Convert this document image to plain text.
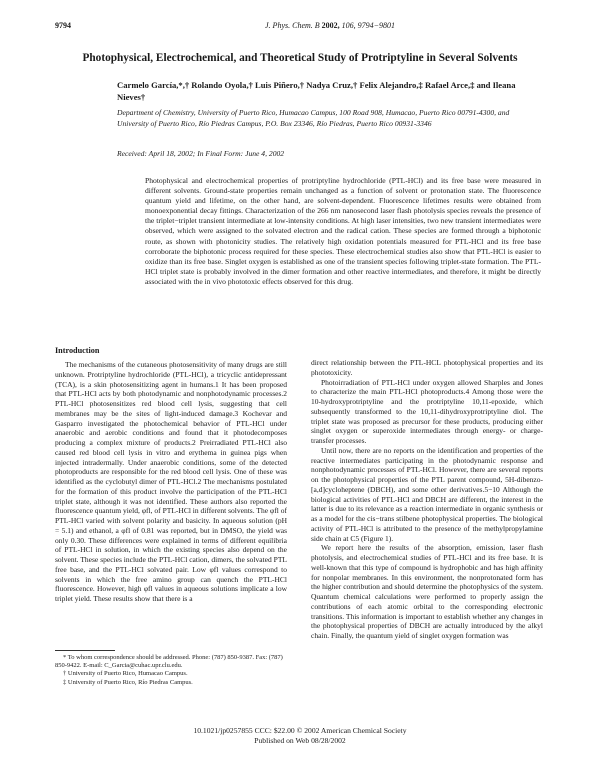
9794	J. Phys. Chem. B 2002, 106, 9794−9801
Photophysical, Electrochemical, and Theoretical Study of Protriptyline in Several Solvents

Carmelo García,*,† Rolando Oyola,† Luis Piñero,† Nadya Cruz,† Felix Alejandro,‡ Rafael Arce,‡ and Ileana Nieves†

Department of Chemistry, University of Puerto Rico, Humacao Campus, 100 Road 908, Humacao, Puerto Rico 00791-4300, and University of Puerto Rico, Río Piedras Campus, P.O. Box 23346, Río Piedras, Puerto Rico 00931-3346

Received: April 18, 2002; In Final Form: June 4, 2002

Photophysical and electrochemical properties of protriptyline hydrochloride (PTL-HCl) and its free base were measured in different solvents. Ground-state properties remain unchanged as a function of solvent or protonation state. The fluorescence quantum yield and lifetime, on the other hand, are solvent-dependent. Fluorescence lifetimes results were obtained from monoexponential decay fittings. Characterization of the 266 nm nanosecond laser flash photolysis species reveals the presence of the triplet−triplet transient intermediate at low-intensity conditions. At high laser intensities, two new transient intermediates were observed, which were assigned to the solvated electron and the radical cation. These species are formed through a biphotonic route, as shown with photonicity studies. The relatively high oxidation potentials measured for PTL-HCl and its free base corroborate the biphotonic process required for these species. These electrochemical studies also show that PTL-HCl is easier to oxidize than its free base. Singlet oxygen is established as one of the transient species following triplet-state formation. The PTL-HCl triplet state is probably involved in the dimer formation and other reactive intermediates, and therefore, it might be directly associated with the in vivo phototoxic effects observed for this drug.

Introduction

The mechanisms of the cutaneous photosensitivity of many drugs are still unknown. Protriptyline hydrochloride (PTL-HCl), a tricyclic antidepressant (TCA), is a skin photosensitizing agent in humans.1 It has been proposed that PTL-HCl acts by both photodynamic and nonphotodynamic processes.2 PTL-HCl photosensitizes red blood cell lysis, suggesting that cell membranes may be the sites of light-induced damage.3 Kochevar and Gasparro investigated the photochemical behavior of PTL-HCl under anaerobic and aerobic conditions and found that it photodecomposes producing a complex mixture of products.2 Preirradiated PTL-HCl also caused red blood cell lysis in vitro and erythema in guinea pigs when injected intradermally. Under anaerobic conditions, some of the detected photoproducts are responsible for the red blood cell lysis. One of these was identified as the cyclobutyl dimer of PTL-HCl.2 The mechanisms postulated for the formation of this product involve the participation of the PTL-HCl triplet state, although it was not identified. These authors also reported the fluorescence quantum yield, φfl, of PTL-HCl in different solvents. The φfl of PTL-HCl varied with solvent polarity and basicity. In aqueous solution (pH = 5.1) and ethanol, a φfl of 0.81 was reported, but in DMSO, the yield was only 0.30. These differences were explained in terms of different equilibria of PTL-HCl in solution, in which the existing species also depend on the solvent. These species include the PTL-HCl cation, dimers, the solvated PTL free base, and the PTL-HCl solvated pair. Low φfl values correspond to solvents in which the free amino group can quench the PTL-HCl fluorescence. However, high φfl values in aqueous solutions implicate a low triplet yield. These results show that there is a

direct relationship between the PTL-HCL photophysical properties and its phototoxicity.

Photoirradiation of PTL-HCl under oxygen allowed Sharples and Jones to characterize the main PTL-HCl photoproducts.4 Among those were the 10-hydroxyprotriptyline and the protriptyline 10,11-epoxide, which subsequently transformed to the 10,11-dihydroxyprotriptyline diol. The triplet state was proposed as precursor for these products, producing either singlet oxygen or superoxide intermediates through energy- or charge-transfer processes.

Until now, there are no reports on the identification and properties of the reactive intermediates participating in the photodynamic response and nonphotodynamic processes of PTL-HCl. However, there are several reports on the photophysical properties of the PTL parent compound, 5H-dibenzo-[a,d]cycloheptene (DBCH), and some other derivatives.5−10 Although the biological activities of PTL-HCl and DBCH are different, the interest in the latter is due to its relevance as a reaction intermediate in organic synthesis or as a model for the cis−trans stilbene photophysical properties. The biological activity of PTL-HCl is attributed to the presence of the methylpropylamine side chain at C5 (Figure 1).

We report here the results of the absorption, emission, laser flash photolysis, and electrochemical studies of PTL-HCl and its free base. It is well-known that this type of compound is hydrophobic and has high affinity for nonpolar membranes. In this environment, the nonprotonated form has the higher contribution and should determine the photophysics of the system. Quantum chemical calculations were performed to properly assign the contributions of each atomic orbital to the corresponding electronic transitions. This information is important to establish whether any changes in the photophysical properties of DBCH are actually introduced by the alkyl chain. Finally, the quantum yield of singlet oxygen formation was

* To whom correspondence should be addressed. Phone: (787) 850-9387. Fax: (787) 850-9422. E-mail: C_Garcia@cuhac.upr.clu.edu.
† University of Puerto Rico, Humacao Campus.
‡ University of Puerto Rico, Río Piedras Campus.
10.1021/jp0257855 CCC: $22.00 © 2002 American Chemical Society
Published on Web 08/28/2002
